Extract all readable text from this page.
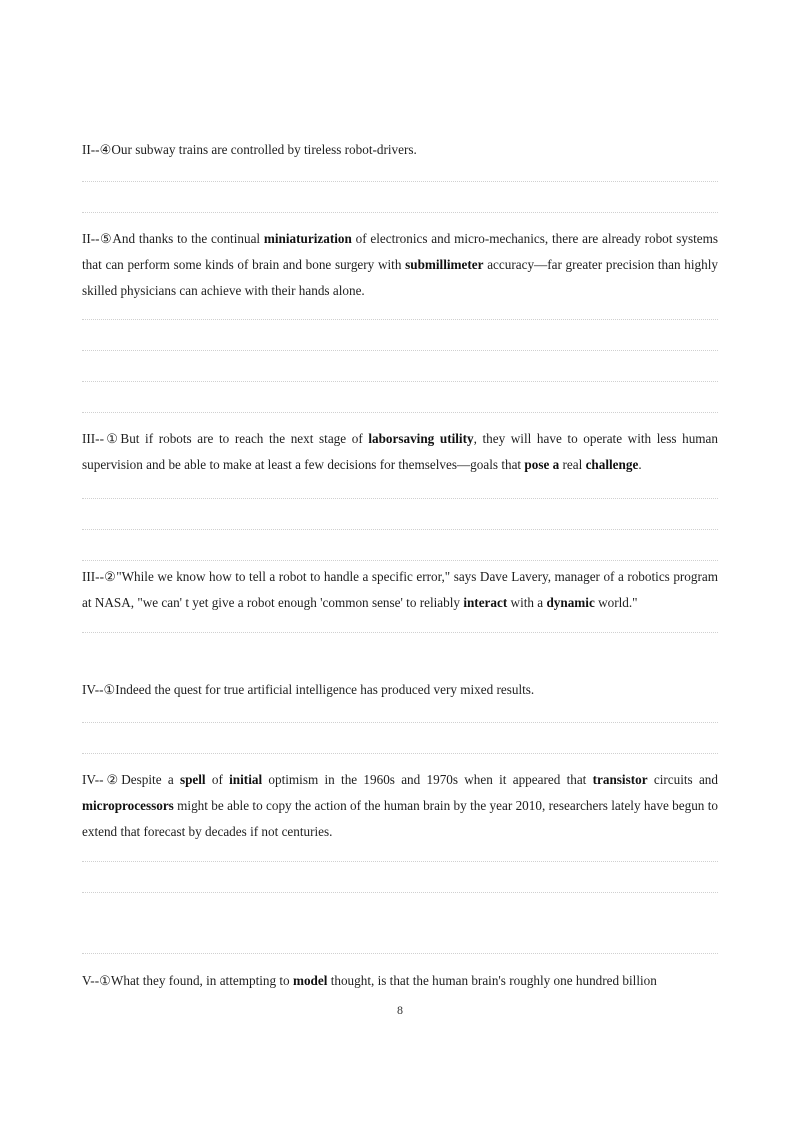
II--④Our subway trains are controlled by tireless robot-drivers.
II--⑤And thanks to the continual miniaturization of electronics and micro-mechanics, there are already robot systems that can perform some kinds of brain and bone surgery with submillimeter accuracy—far greater precision than highly skilled physicians can achieve with their hands alone.
III--①But if robots are to reach the next stage of laborsaving utility, they will have to operate with less human supervision and be able to make at least a few decisions for themselves—goals that pose a real challenge.
III--②"While we know how to tell a robot to handle a specific error," says Dave Lavery, manager of a robotics program at NASA, "we can' t yet give a robot enough 'common sense' to reliably interact with a dynamic world."
IV--①Indeed the quest for true artificial intelligence has produced very mixed results.
IV--②Despite a spell of initial optimism in the 1960s and 1970s when it appeared that transistor circuits and microprocessors might be able to copy the action of the human brain by the year 2010, researchers lately have begun to extend that forecast by decades if not centuries.
V--①What they found, in attempting to model thought, is that the human brain's roughly one hundred billion
8
